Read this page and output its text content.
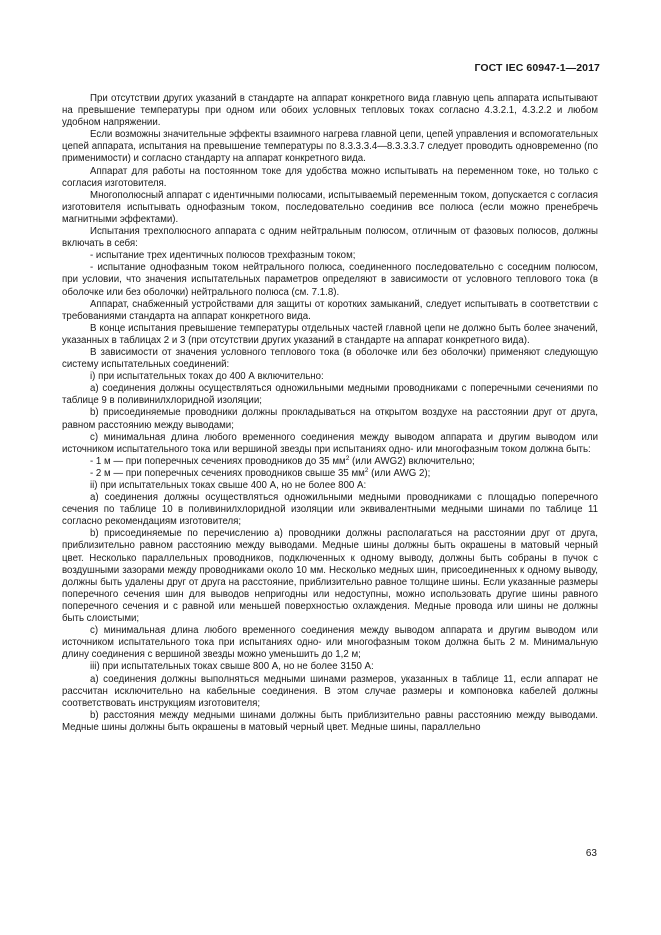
ГОСТ IEC 60947-1—2017

При отсутствии других указаний в стандарте на аппарат конкретного вида главную цепь аппарата испытывают на превышение температуры при одном или обоих условных тепловых токах согласно 4.3.2.1, 4.3.2.2 и любом удобном напряжении.

Если возможны значительные эффекты взаимного нагрева главной цепи, цепей управления и вспомогательных цепей аппарата, испытания на превышение температуры по 8.3.3.3.4—8.3.3.3.7 следует проводить одновременно (по применимости) и согласно стандарту на аппарат конкретного вида.

Аппарат для работы на постоянном токе для удобства можно испытывать на переменном токе, но только с согласия изготовителя.

Многополюсный аппарат с идентичными полюсами, испытываемый переменным током, допускается с согласия изготовителя испытывать однофазным током, последовательно соединив все полюса (если можно пренебречь магнитными эффектами).

Испытания трехполюсного аппарата с одним нейтральным полюсом, отличным от фазовых полюсов, должны включать в себя:

- испытание трех идентичных полюсов трехфазным током;

- испытание однофазным током нейтрального полюса, соединенного последовательно с соседним полюсом, при условии, что значения испытательных параметров определяют в зависимости от условного теплового тока (в оболочке или без оболочки) нейтрального полюса (см. 7.1.8).

Аппарат, снабженный устройствами для защиты от коротких замыканий, следует испытывать в соответствии с требованиями стандарта на аппарат конкретного вида.

В конце испытания превышение температуры отдельных частей главной цепи не должно быть более значений, указанных в таблицах 2 и 3 (при отсутствии других указаний в стандарте на аппарат конкретного вида).

В зависимости от значения условного теплового тока (в оболочке или без оболочки) применяют следующую систему испытательных соединений:

i) при испытательных токах до 400 А включительно:

a) соединения должны осуществляться одножильными медными проводниками с поперечными сечениями по таблице 9 в поливинилхлоридной изоляции;

b) присоединяемые проводники должны прокладываться на открытом воздухе на расстоянии друг от друга, равном расстоянию между выводами;

c) минимальная длина любого временного соединения между выводом аппарата и другим выводом или источником испытательного тока или вершиной звезды при испытаниях одно- или многофазным током должна быть:

- 1 м — при поперечных сечениях проводников до 35 $мм^2$ (или AWG2) включительно;

- 2 м — при поперечных сечениях проводников свыше 35 $мм^2$ (или AWG 2);

ii) при испытательных токах свыше 400 А, но не более 800 А:

a) соединения должны осуществляться одножильными медными проводниками с площадью поперечного сечения по таблице 10 в поливинилхлоридной изоляции или эквивалентными медными шинами по таблице 11 согласно рекомендациям изготовителя;

b) присоединяемые по перечислению а) проводники должны располагаться на расстоянии друг от друга, приблизительно равном расстоянию между выводами. Медные шины должны быть окрашены в матовый черный цвет. Несколько параллельных проводников, подключенных к одному выводу, должны быть собраны в пучок с воздушными зазорами между проводниками около 10 мм. Несколько медных шин, присоединенных к одному выводу, должны быть удалены друг от друга на расстояние, приблизительно равное толщине шины. Если указанные размеры поперечного сечения шин для выводов непригодны или недоступны, можно использовать другие шины равного поперечного сечения и с равной или меньшей поверхностью охлаждения. Медные провода или шины не должны быть слоистыми;

c) минимальная длина любого временного соединения между выводом аппарата и другим выводом или источником испытательного тока при испытаниях одно- или многофазным током должна быть 2 м. Минимальную длину соединения с вершиной звезды можно уменьшить до 1,2 м;

iii) при испытательных токах свыше 800 А, но не более 3150 А:

a) соединения должны выполняться медными шинами размеров, указанных в таблице 11, если аппарат не рассчитан исключительно на кабельные соединения. В этом случае размеры и компоновка кабелей должны соответствовать инструкциям изготовителя;

b) расстояния между медными шинами должны быть приблизительно равны расстоянию между выводами. Медные шины должны быть окрашены в матовый черный цвет. Медные шины, параллельно

63
